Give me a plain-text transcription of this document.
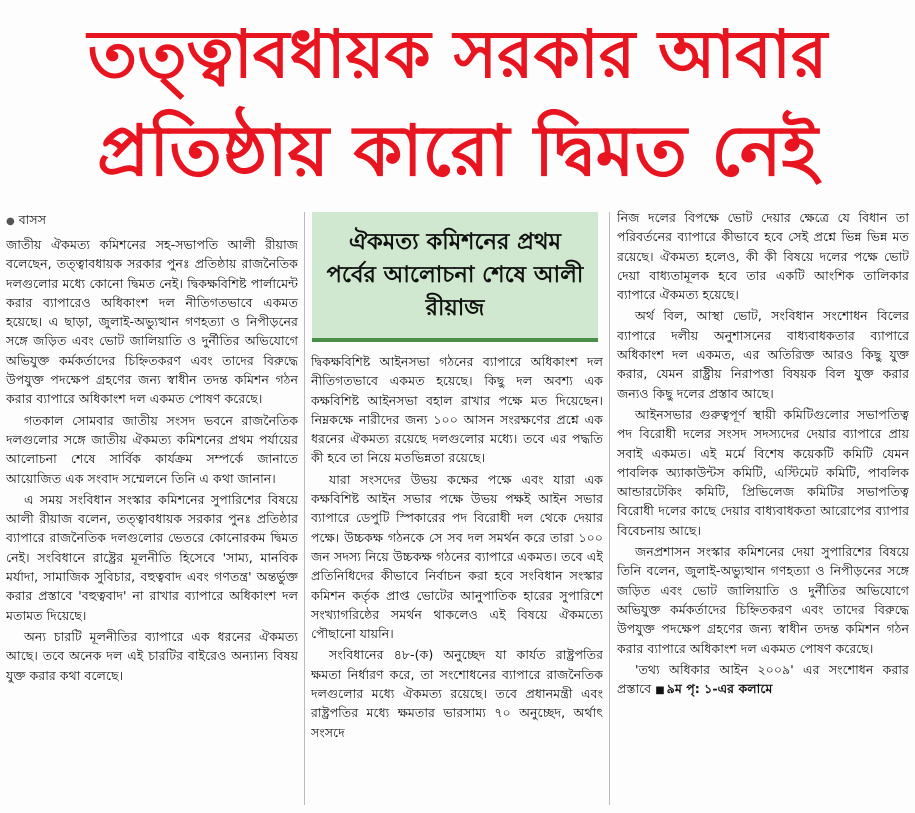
তত্ত্বাবধায়ক সরকার আবার
প্রতিষ্ঠায় কারো দ্বিমত নেই
● বাসস

জাতীয় ঐকমত্য কমিশনের সহ-সভাপতি আলী রীয়াজ বলেছেন, তত্ত্বাবধায়ক সরকার পুনঃ প্রতিষ্ঠায় রাজনৈতিক দলগুলোর মধ্যে কোনো দ্বিমত নেই। দ্বিকক্ষবিশিষ্ট পার্লামেন্ট করার ব্যাপারেও অধিকাংশ দল নীতিগতভাবে একমত হয়েছে। এ ছাড়া, জুলাই-অভ্যুত্থান গণহত্যা ও নিপীড়নের সঙ্গে জড়িত এবং ভোট জালিয়াতি ও দুর্নীতির অভিযোগে অভিযুক্ত কর্মকর্তাদের চিহ্নিতকরণ এবং তাদের বিরুদ্ধে উপযুক্ত পদক্ষেপ গ্রহণের জন্য স্বাধীন তদন্ত কমিশন গঠন করার ব্যাপারে অধিকাংশ দল একমত পোষণ করেছে।

গতকাল সোমবার জাতীয় সংসদ ভবনে রাজনৈতিক দলগুলোর সঙ্গে জাতীয় ঐকমত্য কমিশনের প্রথম পর্যায়ের আলোচনা শেষে সার্বিক কার্যক্রম সম্পর্কে জানাতে আয়োজিত এক সংবাদ সম্মেলনে তিনি এ কথা জানান।

এ সময় সংবিধান সংস্কার কমিশনের সুপারিশের বিষয়ে আলী রীয়াজ বলেন, তত্ত্বাবধায়ক সরকার পুনঃ প্রতিষ্ঠার ব্যাপারে রাজনৈতিক দলগুলোর ভেতরে কোনোরকম দ্বিমত নেই। সংবিধানে রাষ্ট্রের মূলনীতি হিসেবে 'সাম্য, মানবিক মর্যাদা, সামাজিক সুবিচার, বহুত্ববাদ এবং গণতন্ত্র' অন্তর্ভুক্ত করার প্রস্তাবে 'বহুত্ববাদ' না রাখার ব্যাপারে অধিকাংশ দল মতামত দিয়েছে।

অন্য চারটি মূলনীতির ব্যাপারে এক ধরনের ঐকমত্য আছে। তবে অনেক দল এই চারটির বাইরেও অন্যান্য বিষয় যুক্ত করার কথা বলেছে।

ঐকমত্য কমিশনের প্রথম পর্বের আলোচনা শেষে আলী রীয়াজ

দ্বিকক্ষবিশিষ্ট আইনসভা গঠনের ব্যাপারে অধিকাংশ দল নীতিগতভাবে একমত হয়েছে। কিছু দল অবশ্য এক কক্ষবিশিষ্ট আইনসভা বহাল রাখার পক্ষে মত দিয়েছেন। নিম্নকক্ষে নারীদের জন্য ১০০ আসন সংরক্ষণের প্রশ্নে এক ধরনের ঐকমত্য রয়েছে দলগুলোর মধ্যে। তবে এর পদ্ধতি কী হবে তা নিয়ে মতভিন্নতা রয়েছে।

যারা সংসদের উভয় কক্ষের পক্ষে এবং যারা এক কক্ষবিশিষ্ট আইন সভার পক্ষে উভয় পক্ষই আইন সভার ব্যাপারে ডেপুটি স্পিকারের পদ বিরোধী দল থেকে দেয়ার পক্ষে। উচ্চকক্ষ গঠনকে সে সব দল সমর্থন করে তারা ১০০ জন সদস্য নিয়ে উচ্চকক্ষ গঠনের ব্যাপারে একমত। তবে এই প্রতিনিধিদের কীভাবে নির্বাচন করা হবে সংবিধান সংস্কার কমিশন কর্তৃক প্রাপ্ত ভোটের আনুপাতিক হারের সুপারিশে সংখ্যাগরিষ্ঠের সমর্থন থাকলেও এই বিষয়ে ঐকমত্যে পৌছানো যায়নি।

সংবিধানের ৪৮-(ক) অনুচ্ছেদ যা কার্যত রাষ্ট্রপতির ক্ষমতা নির্ধারণ করে, তা সংশোধনের ব্যাপারে রাজনৈতিক দলগুলোর মধ্যে ঐকমত্য রয়েছে। তবে প্রধানমন্ত্রী এবং রাষ্ট্রপতির মধ্যে ক্ষমতার ভারসাম্য ৭০ অনুচ্ছেদ, অর্থাৎ সংসদে

নিজ দলের বিপক্ষে ভোট দেয়ার ক্ষেত্রে যে বিধান তা পরিবর্তনের ব্যাপারে কীভাবে হবে সেই প্রশ্নে ভিন্ন ভিন্ন মত রয়েছে। ঐকমত্য হলেও, কী কী বিষয়ে দলের পক্ষে ভোট দেয়া বাধ্যতামূলক হবে তার একটি আংশিক তালিকার ব্যাপারে ঐকমত্য হয়েছে।

অর্থ বিল, আস্থা ভোট, সংবিধান সংশোধন বিলের ব্যাপারে দলীয় অনুশাসনের বাধ্যবাধকতার ব্যাপারে অধিকাংশ দল একমত, এর অতিরিক্ত আরও কিছু যুক্ত করার, যেমন রাষ্ট্রীয় নিরাপত্তা বিষয়ক বিল যুক্ত করার জন্যও কিছু দলের প্রস্তাব আছে।

আইনসভার গুরুত্বপূর্ণ স্থায়ী কমিটিগুলোর সভাপতিত্ব পদ বিরোধী দলের সংসদ সদস্যদের দেয়ার ব্যাপারে প্রায় সবাই একমত। এই মর্মে বিশেষ কয়েকটি কমিটি যেমন পাবলিক অ্যাকাউন্টস কমিটি, এস্টিমেট কমিটি, পাবলিক আন্ডারটেকিং কমিটি, প্রিভিলেজ কমিটির সভাপতিত্ব বিরোধী দলের কাছে দেয়ার বাধ্যবাধকতা আরোপের ব্যাপার বিবেচনায় আছে।

জনপ্রশাসন সংস্কার কমিশনের দেয়া সুপারিশের বিষয়ে তিনি বলেন, জুলাই-অভ্যুত্থান গণহত্যা ও নিপীড়নের সঙ্গে জড়িত এবং ভোট জালিয়াতি ও দুর্নীতির অভিযোগে অভিযুক্ত কর্মকর্তাদের চিহ্নিতকরণ এবং তাদের বিরুদ্ধে উপযুক্ত পদক্ষেপ গ্রহণের জন্য স্বাধীন তদন্ত কমিশন গঠন করার ব্যাপারে অধিকাংশ দল একমত পোষণ করেছে।

'তথ্য অধিকার আইন ২০০৯' এর সংশোধন করার প্রস্তাবে ■ ৯ম পৃ: ১-এর কলামে
